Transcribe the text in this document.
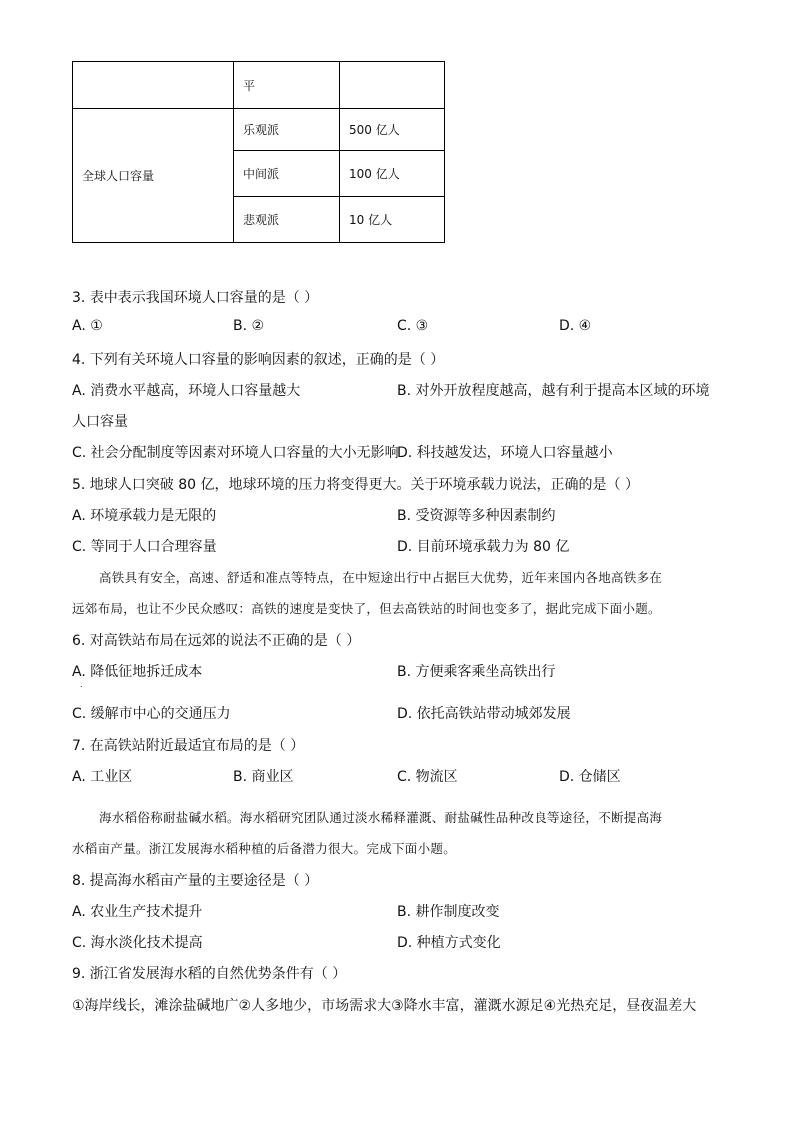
	平	
全球人口容量	乐观派	500 亿人
	中间派	100 亿人
	悲观派	10 亿人
3. 表中表示我国环境人口容量的是（ ）
A. ①	B. ②	C. ③	D. ④
4. 下列有关环境人口容量的影响因素的叙述，正确的是（ ）
A. 消费水平越高，环境人口容量越大	B. 对外开放程度越高，越有利于提高本区域的环境
人口容量
C. 社会分配制度等因素对环境人口容量的大小无影响
D. 科技越发达，环境人口容量越小
5. 地球人口突破 80 亿，地球环境的压力将变得更大。关于环境承载力说法，正确的是（ ）
A. 环境承载力是无限的	B. 受资源等多种因素制约
C. 等同于人口合理容量	D. 目前环境承载力为 80 亿
高铁具有安全，高速、舒适和准点等特点，在中短途出行中占据巨大优势，近年来国内各地高铁多在
远郊布局，也让不少民众感叹：高铁的速度是变快了，但去高铁站的时间也变多了，据此完成下面小题。
6. 对高铁站布局在远郊的说法不正确的是（ ）
A. 降低征地拆迁成本
.
B. 方便乘客乘坐高铁出行
C. 缓解市中心的交通压力	D. 依托高铁站带动城郊发展
7. 在高铁站附近最适宜布局的是（ ）
A. 工业区	B. 商业区	C. 物流区	D. 仓储区
海水稻俗称耐盐碱水稻。海水稻研究团队通过淡水稀释灌溉、耐盐碱性品种改良等途径，不断提高海
水稻亩产量。浙江发展海水稻种植的后备潜力很大。完成下面小题。
8. 提高海水稻亩产量的主要途径是（ ）
A. 农业生产技术提升	B. 耕作制度改变
C. 海水淡化技术提高	D. 种植方式变化
9. 浙江省发展海水稻的自然优势条件有（ ）
①海岸线长，滩涂盐碱地广②人多地少，市场需求大③降水丰富，灌溉水源足④光热充足，昼夜温差大
